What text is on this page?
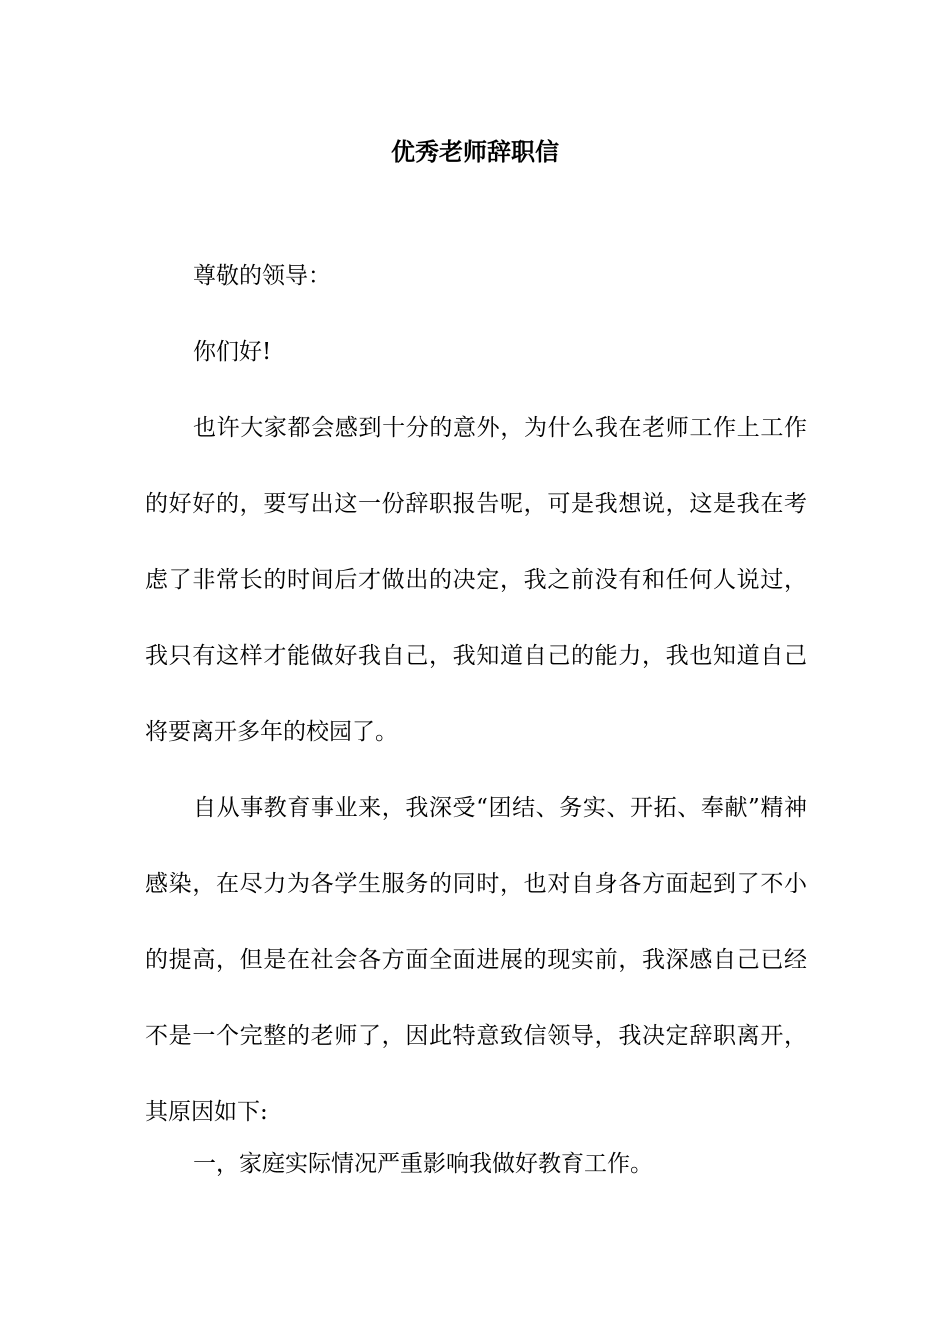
优秀老师辞职信

尊敬的领导：

你们好!

也许大家都会感到十分的意外，为什么我在老师工作上工作的好好的，要写出这一份辞职报告呢，可是我想说，这是我在考虑了非常长的时间后才做出的决定，我之前没有和任何人说过，我只有这样才能做好我自己，我知道自己的能力，我也知道自己将要离开多年的校园了。

自从事教育事业来，我深受“团结、务实、开拓、奉献”精神感染，在尽力为各学生服务的同时，也对自身各方面起到了不小的提高，但是在社会各方面全面进展的现实前，我深感自己已经不是一个完整的老师了，因此特意致信领导，我决定辞职离开，其原因如下:

一，家庭实际情况严重影响我做好教育工作。
